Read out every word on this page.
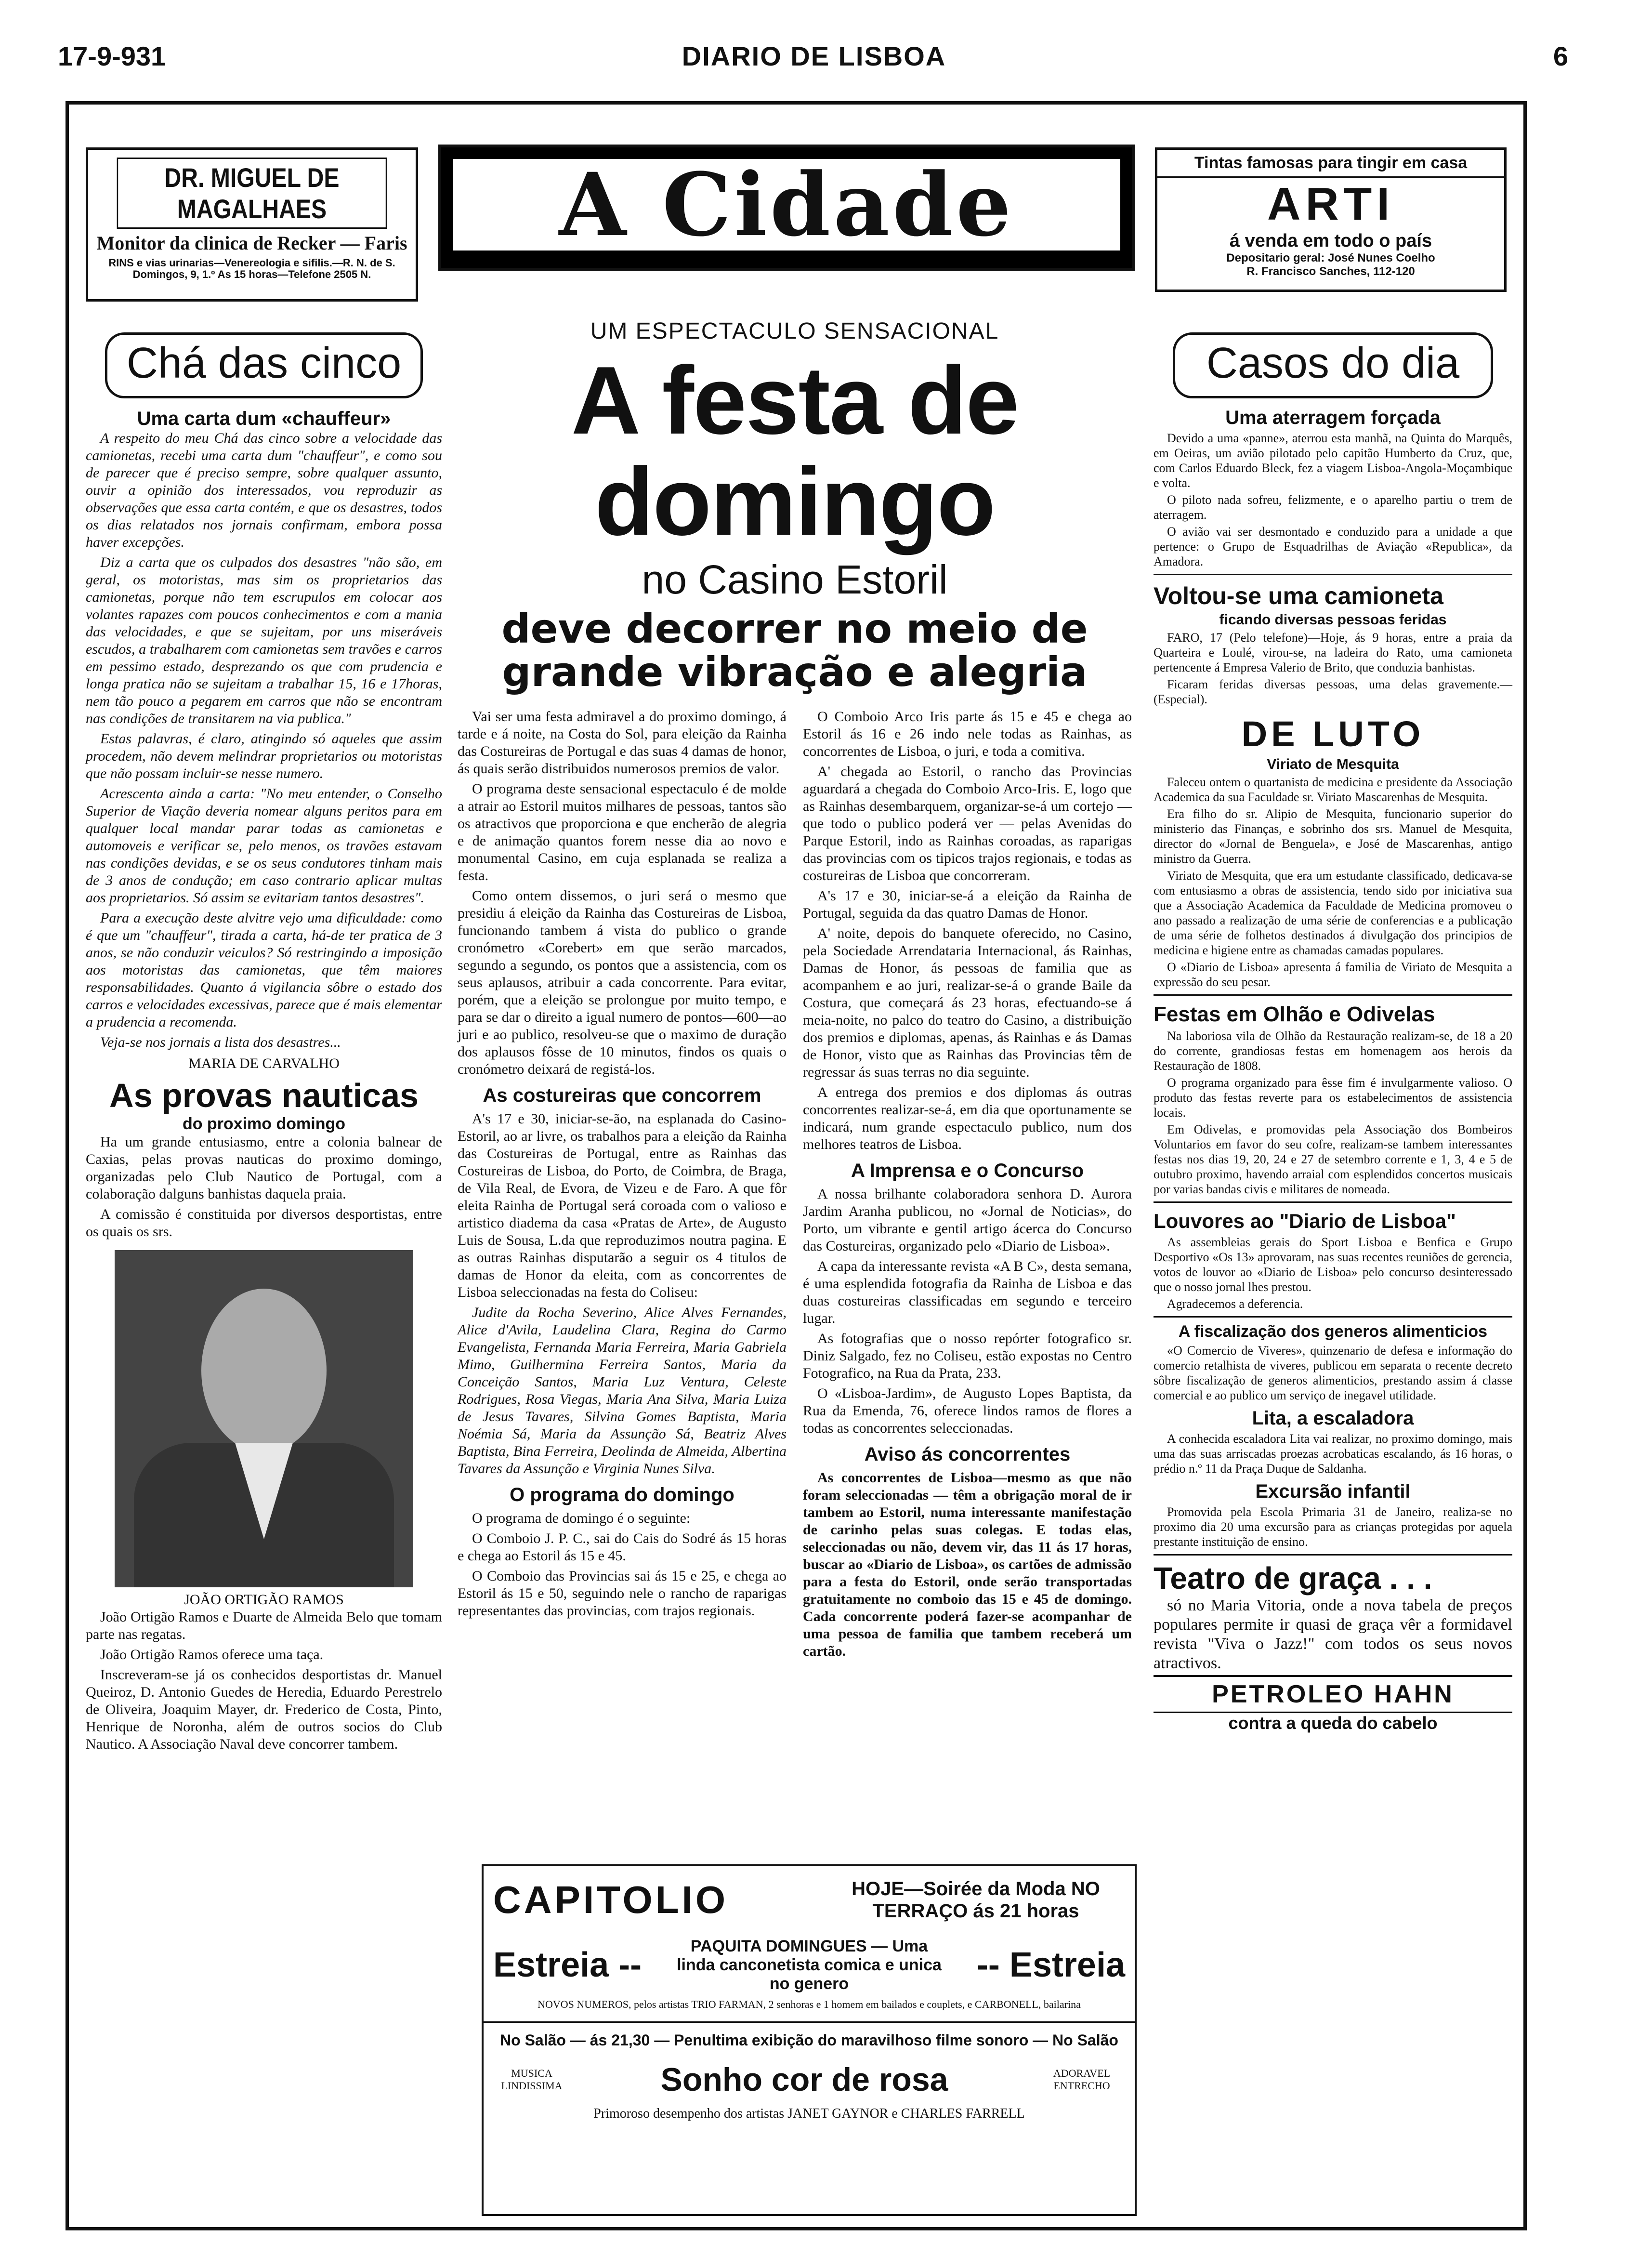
17-9-931	DIARIO DE LISBOA	6
DR. MIGUEL DE MAGALHAES
Monitor da clinica de Recker — Faris
RINS e vias urinarias—Venereologia e sifilis.—R. N. de S. Domingos, 9, 1.º As 15 horas—Telefone 2505 N.
A Cidade	Tintas famosas para tingir em casa
ARTI
á venda em todo o país
Depositario geral: José Nunes Coelho
R. Francisco Sanches, 112-120
Chá das cinco
Uma carta dum «chauffeur»

A respeito do meu Chá das cinco sobre a velocidade das camionetas, recebi uma carta dum "chauffeur", e como sou de parecer que é preciso sempre, sobre qualquer assunto, ouvir a opinião dos interessados, vou reproduzir as observações que essa carta contém, e que os desastres, todos os dias relatados nos jornais confirmam, embora possa haver excepções.

Diz a carta que os culpados dos desastres "não são, em geral, os motoristas, mas sim os proprietarios das camionetas, porque não tem escrupulos em colocar aos volantes rapazes com poucos conhecimentos e com a mania das velocidades, e que se sujeitam, por uns miseráveis escudos, a trabalharem com camionetas sem travões e carros em pessimo estado, desprezando os que com prudencia e longa pratica não se sujeitam a trabalhar 15, 16 e 17horas, nem tão pouco a pegarem em carros que não se encontram nas condições de transitarem na via publica."

Estas palavras, é claro, atingindo só aqueles que assim procedem, não devem melindrar proprietarios ou motoristas que não possam incluir-se nesse numero.

Acrescenta ainda a carta: "No meu entender, o Conselho Superior de Viação deveria nomear alguns peritos para em qualquer local mandar parar todas as camionetas e automoveis e verificar se, pelo menos, os travões estavam nas condições devidas, e se os seus condutores tinham mais de 3 anos de condução; em caso contrario aplicar multas aos proprietarios. Só assim se evitariam tantos desastres".

Para a execução deste alvitre vejo uma dificuldade: como é que um "chauffeur", tirada a carta, há-de ter pratica de 3 anos, se não conduzir veiculos? Só restringindo a imposição aos motoristas das camionetas, que têm maiores responsabilidades. Quanto á vigilancia sôbre o estado dos carros e velocidades excessivas, parece que é mais elementar a prudencia a recomenda.

Veja-se nos jornais a lista dos desastres...

MARIA DE CARVALHO
As provas nauticas
do proximo domingo

Ha um grande entusiasmo, entre a colonia balnear de Caxias, pelas provas nauticas do proximo domingo, organizadas pelo Club Nautico de Portugal, com a colaboração dalguns banhistas daquela praia.

A comissão é constituida por diversos desportistas, entre os quais os srs.

JOÃO ORTIGÃO RAMOS

João Ortigão Ramos e Duarte de Almeida Belo que tomam parte nas regatas.

João Ortigão Ramos oferece uma taça.

Inscreveram-se já os conhecidos desportistas dr. Manuel Queiroz, D. Antonio Guedes de Heredia, Eduardo Perestrelo de Oliveira, Joaquim Mayer, dr. Frederico de Costa, Pinto, Henrique de Noronha, além de outros socios do Club Nautico. A Associação Naval deve concorrer tambem.

UM ESPECTACULO SENSACIONAL
A festa de domingo
no Casino Estoril
deve decorrer no meio de grande vibração e alegria

Vai ser uma festa admiravel a do proximo domingo, á tarde e á noite, na Costa do Sol, para eleição da Rainha das Costureiras de Portugal e das suas 4 damas de honor, ás quais serão distribuidos numerosos premios de valor.

O programa deste sensacional espectaculo é de molde a atrair ao Estoril muitos milhares de pessoas, tantos são os atractivos que proporciona e que encherão de alegria e de animação quantos forem nesse dia ao novo e monumental Casino, em cuja esplanada se realiza a festa.

Como ontem dissemos, o juri será o mesmo que presidiu á eleição da Rainha das Costureiras de Lisboa, funcionando tambem á vista do publico o grande cronómetro «Corebert» em que serão marcados, segundo a segundo, os pontos que a assistencia, com os seus aplausos, atribuir a cada concorrente. Para evitar, porém, que a eleição se prolongue por muito tempo, e para se dar o direito a igual numero de pontos—600—ao juri e ao publico, resolveu-se que o maximo de duração dos aplausos fôsse de 10 minutos, findos os quais o cronómetro deixará de registá-los.

As costureiras que concorrem

A's 17 e 30, iniciar-se-ão, na esplanada do Casino-Estoril, ao ar livre, os trabalhos para a eleição da Rainha das Costureiras de Portugal, entre as Rainhas das Costureiras de Lisboa, do Porto, de Coimbra, de Braga, de Vila Real, de Evora, de Vizeu e de Faro. A que fôr eleita Rainha de Portugal será coroada com o valioso e artistico diadema da casa «Pratas de Arte», de Augusto Luis de Sousa, L.da que reproduzimos noutra pagina. E as outras Rainhas disputarão a seguir os 4 titulos de damas de Honor da eleita, com as concorrentes de Lisboa seleccionadas na festa do Coliseu:

Judite da Rocha Severino, Alice Alves Fernandes, Alice d'Avila, Laudelina Clara, Regina do Carmo Evangelista, Fernanda Maria Ferreira, Maria Gabriela Mimo, Guilhermina Ferreira Santos, Maria da Conceição Santos, Maria Luz Ventura, Celeste Rodrigues, Rosa Viegas, Maria Ana Silva, Maria Luiza de Jesus Tavares, Silvina Gomes Baptista, Maria Noémia Sá, Maria da Assunção Sá, Beatriz Alves Baptista, Bina Ferreira, Deolinda de Almeida, Albertina Tavares da Assunção e Virginia Nunes Silva.

O programa do domingo

O programa de domingo é o seguinte:

O Comboio J. P. C., sai do Cais do Sodré ás 15 horas e chega ao Estoril ás 15 e 45.

O Comboio das Provincias sai ás 15 e 25, e chega ao Estoril ás 15 e 50, seguindo nele o rancho de raparigas representantes das provincias, com trajos regionais.

O Comboio Arco Iris parte ás 15 e 45 e chega ao Estoril ás 16 e 26 indo nele todas as Rainhas, as concorrentes de Lisboa, o juri, e toda a comitiva.

A' chegada ao Estoril, o rancho das Provincias aguardará a chegada do Comboio Arco-Iris. E, logo que as Rainhas desembarquem, organizar-se-á um cortejo — que todo o publico poderá ver — pelas Avenidas do Parque Estoril, indo as Rainhas coroadas, as raparigas das provincias com os tipicos trajos regionais, e todas as costureiras de Lisboa que concorreram.

A's 17 e 30, iniciar-se-á a eleição da Rainha de Portugal, seguida da das quatro Damas de Honor.

A' noite, depois do banquete oferecido, no Casino, pela Sociedade Arrendataria Internacional, ás Rainhas, Damas de Honor, ás pessoas de familia que as acompanhem e ao juri, realizar-se-á o grande Baile da Costura, que começará ás 23 horas, efectuando-se á meia-noite, no palco do teatro do Casino, a distribuição dos premios e diplomas, apenas, ás Rainhas e ás Damas de Honor, visto que as Rainhas das Provincias têm de regressar ás suas terras no dia seguinte.

A entrega dos premios e dos diplomas ás outras concorrentes realizar-se-á, em dia que oportunamente se indicará, num grande espectaculo publico, num dos melhores teatros de Lisboa.

A Imprensa e o Concurso

A nossa brilhante colaboradora senhora D. Aurora Jardim Aranha publicou, no «Jornal de Noticias», do Porto, um vibrante e gentil artigo ácerca do Concurso das Costureiras, organizado pelo «Diario de Lisboa».

A capa da interessante revista «A B C», desta semana, é uma esplendida fotografia da Rainha de Lisboa e das duas costureiras classificadas em segundo e terceiro lugar.

As fotografias que o nosso repórter fotografico sr. Diniz Salgado, fez no Coliseu, estão expostas no Centro Fotografico, na Rua da Prata, 233.

O «Lisboa-Jardim», de Augusto Lopes Baptista, da Rua da Emenda, 76, oferece lindos ramos de flores a todas as concorrentes seleccionadas.

Aviso ás concorrentes

As concorrentes de Lisboa—mesmo as que não foram seleccionadas — têm a obrigação moral de ir tambem ao Estoril, numa interessante manifestação de carinho pelas suas colegas. E todas elas, seleccionadas ou não, devem vir, das 11 ás 17 horas, buscar ao «Diario de Lisboa», os cartões de admissão para a festa do Estoril, onde serão transportadas gratuitamente no comboio das 15 e 45 de domingo. Cada concorrente poderá fazer-se acompanhar de uma pessoa de familia que tambem receberá um cartão.

CAPITOLIO	HOJE—Soirée da Moda NO TERRAÇO ás 21 horas
Estreia --	PAQUITA DOMINGUES — Uma linda canconetista comica e unica no genero	-- Estreia
NOVOS NUMEROS, pelos artistas TRIO FARMAN, 2 senhoras e 1 homem em bailados e couplets, e CARBONELL, bailarina
No Salão — ás 21,30 — Penultima exibição do maravilhoso filme sonoro — No Salão
MUSICA LINDISSIMA	Sonho cor de rosa	ADORAVEL ENTRECHO
Primoroso desempenho dos artistas JANET GAYNOR e CHARLES FARRELL
Casos do dia
Uma aterragem forçada

Devido a uma «panne», aterrou esta manhã, na Quinta do Marquês, em Oeiras, um avião pilotado pelo capitão Humberto da Cruz, que, com Carlos Eduardo Bleck, fez a viagem Lisboa-Angola-Moçambique e volta.

O piloto nada sofreu, felizmente, e o aparelho partiu o trem de aterragem.

O avião vai ser desmontado e conduzido para a unidade a que pertence: o Grupo de Esquadrilhas de Aviação «Republica», da Amadora.

Voltou-se uma camioneta
ficando diversas pessoas feridas

FARO, 17 (Pelo telefone)—Hoje, ás 9 horas, entre a praia da Quarteira e Loulé, virou-se, na ladeira do Rato, uma camioneta pertencente á Empresa Valerio de Brito, que conduzia banhistas.

Ficaram feridas diversas pessoas, uma delas gravemente.—(Especial).

DE LUTO
Viriato de Mesquita

Faleceu ontem o quartanista de medicina e presidente da Associação Academica da sua Faculdade sr. Viriato Mascarenhas de Mesquita.

Era filho do sr. Alipio de Mesquita, funcionario superior do ministerio das Finanças, e sobrinho dos srs. Manuel de Mesquita, director do «Jornal de Benguela», e José de Mascarenhas, antigo ministro da Guerra.

Viriato de Mesquita, que era um estudante classificado, dedicava-se com entusiasmo a obras de assistencia, tendo sido por iniciativa sua que a Associação Academica da Faculdade de Medicina promoveu o ano passado a realização de uma série de conferencias e a publicação de uma série de folhetos destinados á divulgação dos principios de medicina e higiene entre as chamadas camadas populares.

O «Diario de Lisboa» apresenta á familia de Viriato de Mesquita a expressão do seu pesar.

Festas em Olhão e Odivelas

Na laboriosa vila de Olhão da Restauração realizam-se, de 18 a 20 do corrente, grandiosas festas em homenagem aos herois da Restauração de 1808.

O programa organizado para êsse fim é invulgarmente valioso. O produto das festas reverte para os estabelecimentos de assistencia locais.

Em Odivelas, e promovidas pela Associação dos Bombeiros Voluntarios em favor do seu cofre, realizam-se tambem interessantes festas nos dias 19, 20, 24 e 27 de setembro corrente e 1, 3, 4 e 5 de outubro proximo, havendo arraial com esplendidos concertos musicais por varias bandas civis e militares de nomeada.

Louvores ao "Diario de Lisboa"

As assembleias gerais do Sport Lisboa e Benfica e Grupo Desportivo «Os 13» aprovaram, nas suas recentes reuniões de gerencia, votos de louvor ao «Diario de Lisboa» pelo concurso desinteressado que o nosso jornal lhes prestou.

Agradecemos a deferencia.

A fiscalização dos generos alimenticios

«O Comercio de Viveres», quinzenario de defesa e informação do comercio retalhista de viveres, publicou em separata o recente decreto sôbre fiscalização de generos alimenticios, prestando assim á classe comercial e ao publico um serviço de inegavel utilidade.

Lita, a escaladora

A conhecida escaladora Lita vai realizar, no proximo domingo, mais uma das suas arriscadas proezas acrobaticas escalando, ás 16 horas, o prédio n.º 11 da Praça Duque de Saldanha.

Excursão infantil

Promovida pela Escola Primaria 31 de Janeiro, realiza-se no proximo dia 20 uma excursão para as crianças protegidas por aquela prestante instituição de ensino.

Teatro de graça . . .

só no Maria Vitoria, onde a nova tabela de preços populares permite ir quasi de graça vêr a formidavel revista "Viva o Jazz!" com todos os seus novos atractivos.

PETROLEO HAHN
contra a queda do cabelo
